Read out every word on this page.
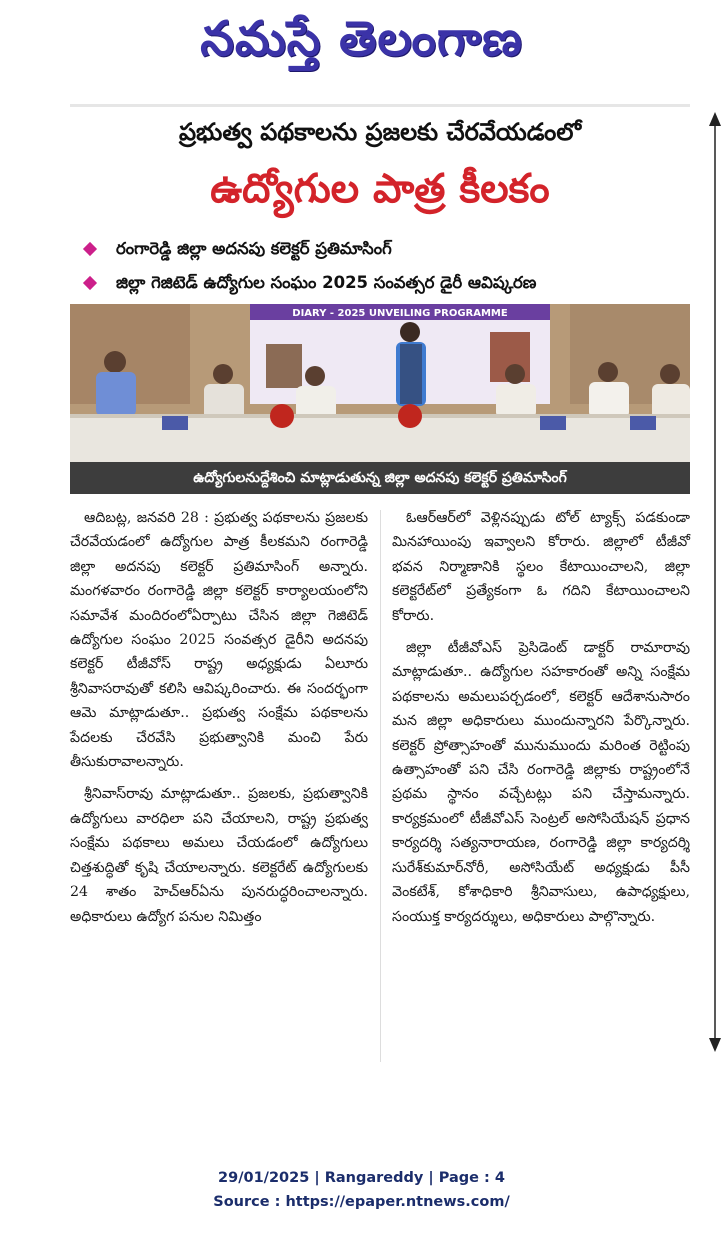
నమస్తే తెలంగాణ
ప్రభుత్వ పథకాలను ప్రజలకు చేరవేయడంలో
ఉద్యోగుల పాత్ర కీలకం
రంగారెడ్డి జిల్లా అదనపు కలెక్టర్ ప్రతిమాసింగ్
జిల్లా గెజిటెడ్ ఉద్యోగుల సంఘం 2025 సంవత్సర డైరీ ఆవిష్కరణ
DIARY - 2025 UNVEILING PROGRAMME
ఉద్యోగులనుద్దేశించి మాట్లాడుతున్న జిల్లా అదనపు కలెక్టర్ ప్రతిమాసింగ్

ఆదిబట్ల, జనవరి 28 : ప్రభుత్వ పథకాలను ప్రజలకు చేరవేయడంలో ఉద్యోగుల పాత్ర కీలకమని రంగారెడ్డి జిల్లా అదనపు కలెక్టర్ ప్రతిమాసింగ్ అన్నారు. మంగళవారం రంగారెడ్డి జిల్లా కలెక్టర్ కార్యాలయంలోని సమావేశ మందిరంలోఏర్పాటు చేసిన జిల్లా గెజిటెడ్ ఉద్యోగుల సంఘం 2025 సంవత్సర డైరీని అదనపు కలెక్టర్ టీజీవోస్ రాష్ట్ర అధ్యక్షుడు ఏలూరు శ్రీనివాసరావుతో కలిసి ఆవిష్కరించారు. ఈ సందర్భంగా ఆమె మాట్లాడుతూ.. ప్రభుత్వ సంక్షేమ పథకాలను పేదలకు చేరవేసి ప్రభుత్వానికి మంచి పేరు తీసుకురావాలన్నారు.

శ్రీనివాస్‌రావు మాట్లాడుతూ.. ప్రజలకు, ప్రభుత్వానికి ఉద్యోగులు వారధిలా పని చేయాలని, రాష్ట్ర ప్రభుత్వ సంక్షేమ పథకాలు అమలు చేయడంలో ఉద్యోగులు చిత్తశుద్ధితో కృషి చేయాలన్నారు. కలెక్టరేట్ ఉద్యోగులకు 24 శాతం హెచ్‌ఆర్‌ఏను పునరుద్ధరించాలన్నారు. అధికారులు ఉద్యోగ పనుల నిమిత్తం

ఓఆర్‌ఆర్‌లో వెళ్లినప్పుడు టోల్ ట్యాక్స్ పడకుండా మినహాయింపు ఇవ్వాలని కోరారు. జిల్లాలో టీజీవో భవన నిర్మాణానికి స్థలం కేటాయించాలని, జిల్లా కలెక్టరేట్‌లో ప్రత్యేకంగా ఓ గదిని కేటాయించాలని కోరారు.

జిల్లా టీజీవోఎస్ ప్రెసిడెంట్ డాక్టర్ రామారావు మాట్లాడుతూ.. ఉద్యోగుల సహకారంతో అన్ని సంక్షేమ పథకాలను అమలుపర్చడంలో, కలెక్టర్ ఆదేశానుసారం మన జిల్లా అధికారులు ముందున్నారని పేర్కొన్నారు. కలెక్టర్ ప్రోత్సాహంతో మునుముందు మరింత రెట్టింపు ఉత్సాహంతో పని చేసి రంగారెడ్డి జిల్లాకు రాష్ట్రంలోనే ప్రథమ స్థానం వచ్చేటట్లు పని చేస్తామన్నారు. కార్యక్రమంలో టీజీవోఎస్ సెంట్రల్ అసోసియేషన్ ప్రధాన కార్యదర్శి సత్యనారాయణ, రంగారెడ్డి జిల్లా కార్యదర్శి సురేశ్‌కుమార్‌నోరీ, అసోసియేట్ అధ్యక్షుడు పీసీ వెంకటేశ్, కోశాధికారి శ్రీనివాసులు, ఉపాధ్యక్షులు, సంయుక్త కార్యదర్శులు, అధికారులు పాల్గొన్నారు.

29/01/2025 | Rangareddy | Page : 4
Source : https://epaper.ntnews.com/
